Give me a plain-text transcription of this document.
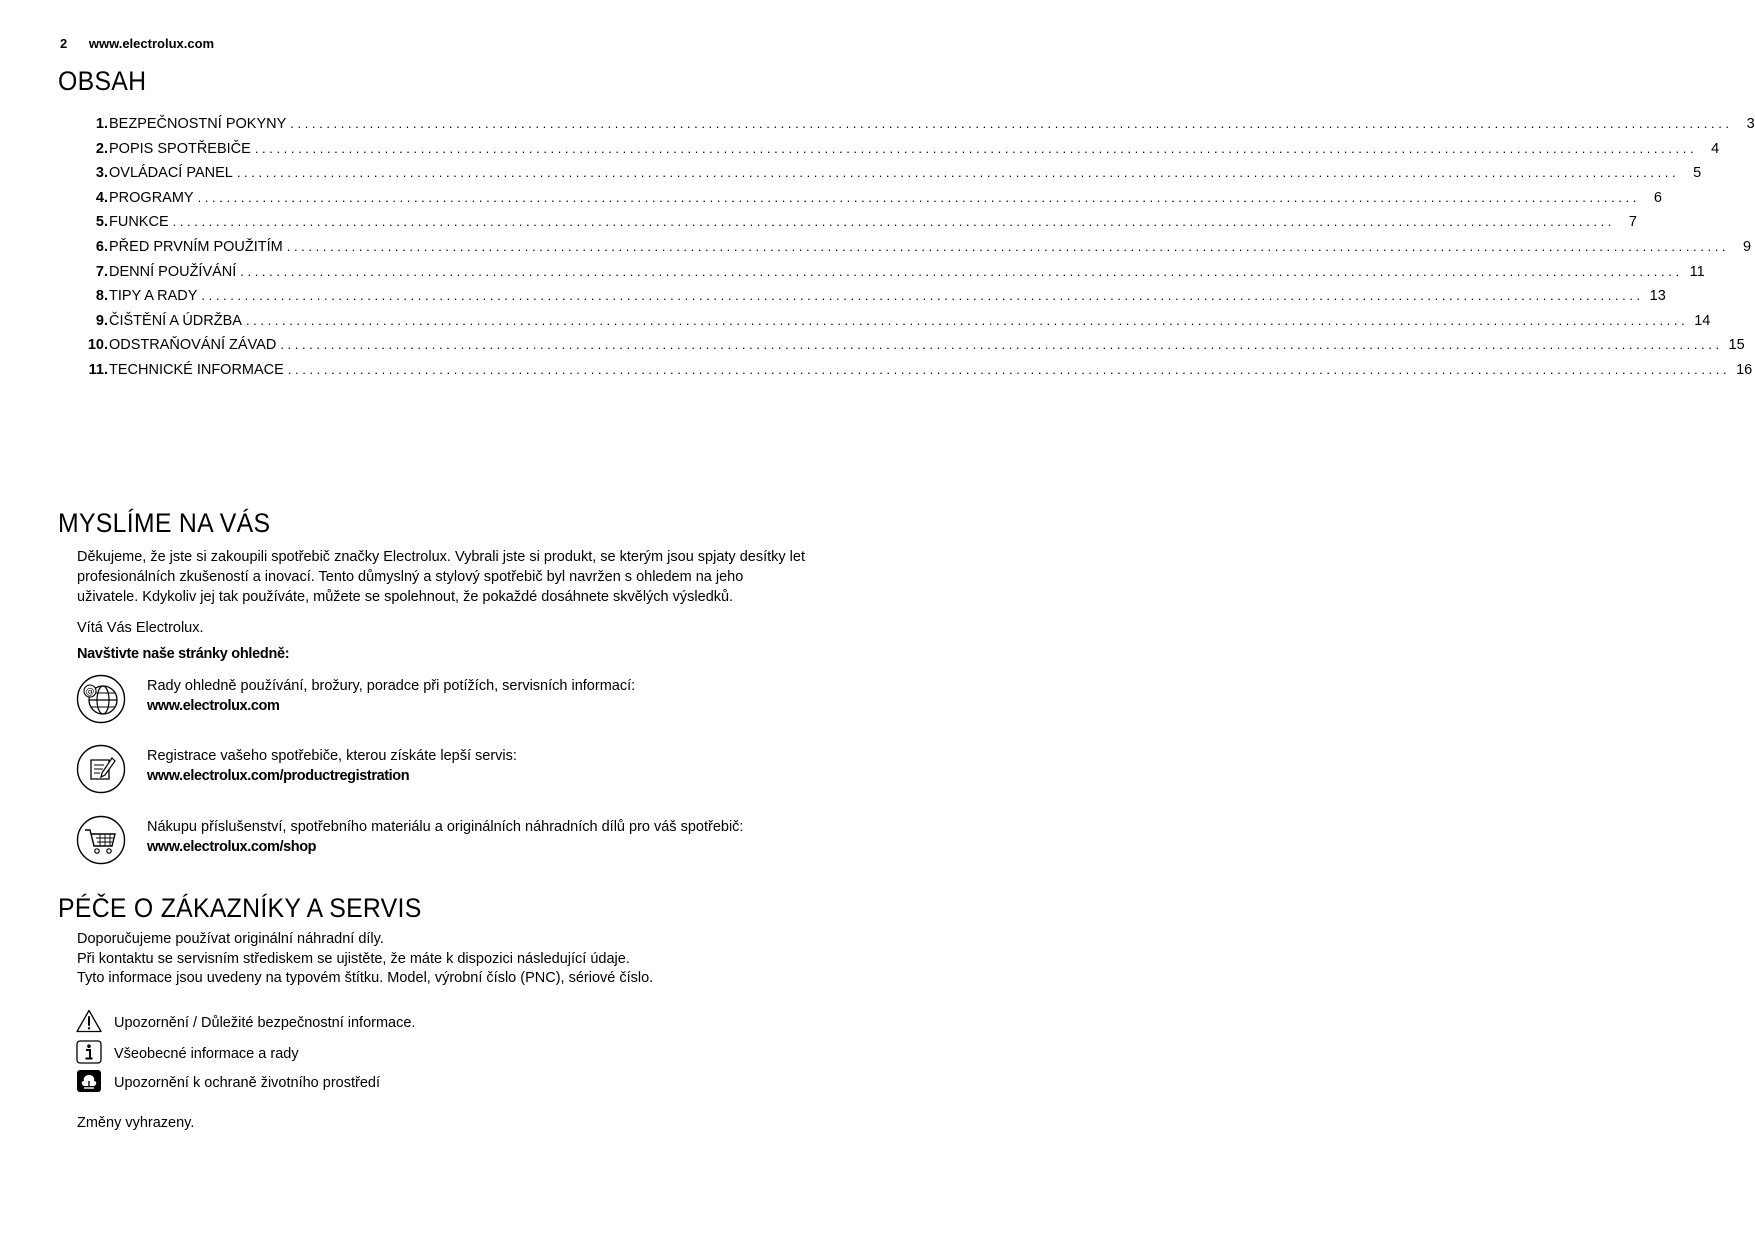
2 www.electrolux.com
OBSAH
1. BEZPEČNOSTNÍ POKYNY ........................................................................................................................................................................................................ 3
2. POPIS SPOTŘEBIČE ........................................................................................................................................................................................................ 4
3. OVLÁDACÍ PANEL ........................................................................................................................................................................................................ 5
4. PROGRAMY ........................................................................................................................................................................................................ 6
5. FUNKCE ........................................................................................................................................................................................................ 7
6. PŘED PRVNÍM POUŽITÍM ........................................................................................................................................................................................................ 9
7. DENNÍ POUŽÍVÁNÍ ........................................................................................................................................................................................................ 11
8. TIPY A RADY ........................................................................................................................................................................................................ 13
9. ČIŠTĚNÍ A ÚDRŽBA ........................................................................................................................................................................................................ 14
10. ODSTRAŇOVÁNÍ ZÁVAD ........................................................................................................................................................................................................ 15
11. TECHNICKÉ INFORMACE ........................................................................................................................................................................................................ 16
MYSLÍME NA VÁS
Děkujeme, že jste si zakoupili spotřebič značky Electrolux. Vybrali jste si produkt, se kterým jsou spjaty desítky let
profesionálních zkušeností a inovací. Tento důmyslný a stylový spotřebič byl navržen s ohledem na jeho
uživatele. Kdykoliv jej tak používáte, můžete se spolehnout, že pokaždé dosáhnete skvělých výsledků.
Vítá Vás Electrolux.
Navštivte naše stránky ohledně:
@	Rady ohledně používání, brožury, poradce při potížích, servisních informací:
www.electrolux.com
Registrace vašeho spotřebiče, kterou získáte lepší servis:
www.electrolux.com/productregistration
Nákupu příslušenství, spotřebního materiálu a originálních náhradních dílů pro váš spotřebič:
www.electrolux.com/shop
PÉČE O ZÁKAZNÍKY A SERVIS
Doporučujeme používat originální náhradní díly.
Při kontaktu se servisním střediskem se ujistěte, že máte k dispozici následující údaje.
Tyto informace jsou uvedeny na typovém štítku. Model, výrobní číslo (PNC), sériové číslo.
Upozornění / Důležité bezpečnostní informace.
Všeobecné informace a rady
Upozornění k ochraně životního prostředí
Změny vyhrazeny.
